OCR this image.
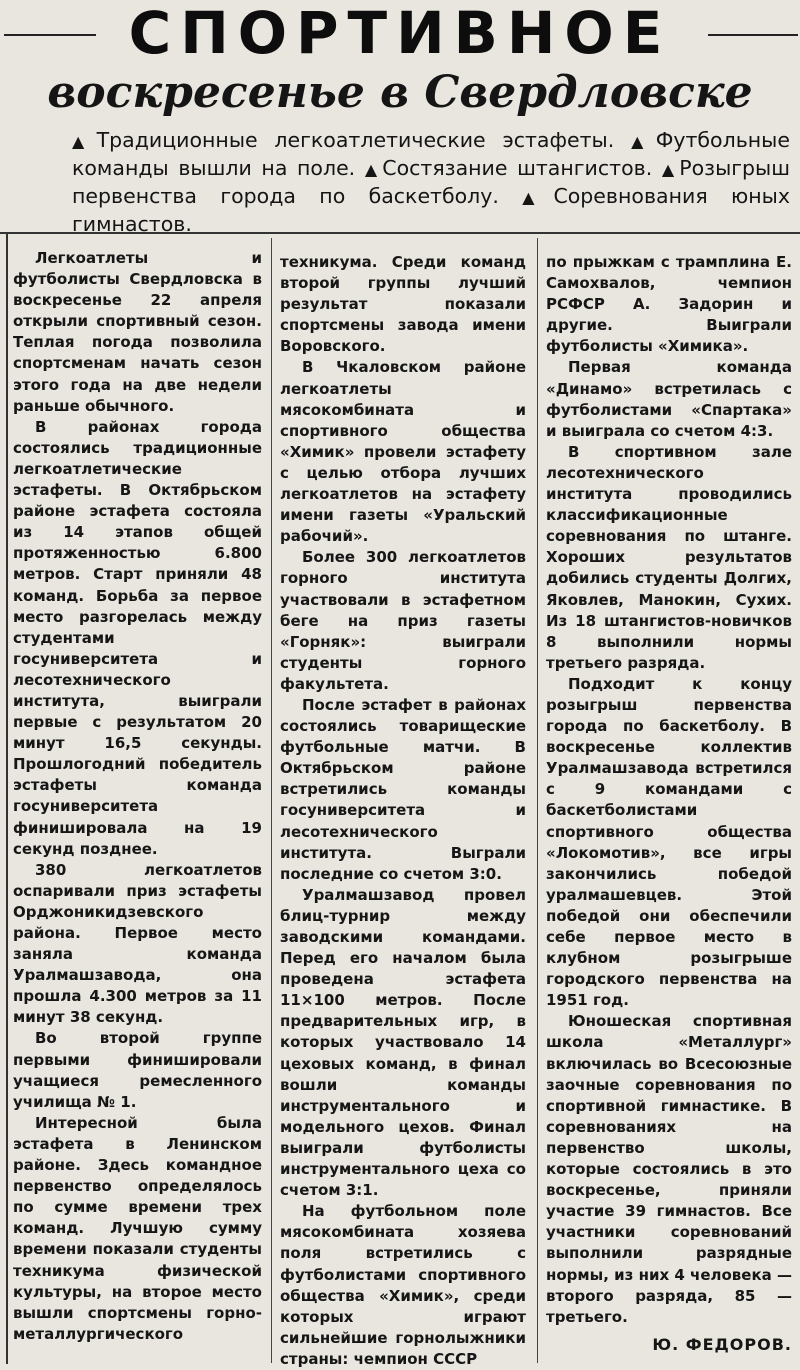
СПОРТИВНОЕ
воскресенье в Свердловске
▲Традиционные легкоатлетические эстафеты. ▲Футбольные команды вышли на поле. ▲Состязание штангистов. ▲Розыгрыш первенства города по баскетболу. ▲Соревнования юных гимнастов.

Легкоатлеты и футболисты Свердловска в воскресенье 22 апреля открыли спортивный сезон. Теплая погода позволила спортсменам начать сезон этого года на две недели раньше обычного.

В районах города состоялись традиционные легкоатлетические эстафеты. В Октябрьском районе эстафета состояла из 14 этапов общей протяженностью 6.800 метров. Старт приняли 48 команд. Борьба за первое место разгорелась между студентами госуниверситета и лесотехнического института, выиграли первые с результатом 20 минут 16,5 секунды. Прошлогодний победитель эстафеты команда госуниверситета финишировала на 19 секунд позднее.

380 легкоатлетов оспаривали приз эстафеты Орджоникидзевского района. Первое место заняла команда Уралмашзавода, она прошла 4.300 метров за 11 минут 38 секунд.

Во второй группе первыми финишировали учащиеся ремесленного училища № 1.

Интересной была эстафета в Ленинском районе. Здесь командное первенство определялось по сумме времени трех команд. Лучшую сумму времени показали студенты техникума физической культуры, на второе место вышли спортсмены горно-металлургического

техникума. Среди команд второй группы лучший результат показали спортсмены завода имени Воровского.

В Чкаловском районе легкоатлеты мясокомбината и спортивного общества «Химик» провели эстафету с целью отбора лучших легкоатлетов на эстафету имени газеты «Уральский рабочий».

Более 300 легкоатлетов горного института участвовали в эстафетном беге на приз газеты «Горняк»: выиграли студенты горного факультета.

После эстафет в районах состоялись товарищеские футбольные матчи. В Октябрьском районе встретились команды госуниверситета и лесотехнического института. Выграли последние со счетом 3:0.

Уралмашзавод провел блиц-турнир между заводскими командами. Перед его началом была проведена эстафета 11×100 метров. После предварительных игр, в которых участвовало 14 цеховых команд, в финал вошли команды инструментального и модельного цехов. Финал выиграли футболисты инструментального цеха со счетом 3:1.

На футбольном поле мясокомбината хозяева поля встретились с футболистами спортивного общества «Химик», среди которых играют сильнейшие горнолыжники страны: чемпион СССР

по прыжкам с трамплина Е. Самохвалов, чемпион РСФСР А. Задорин и другие. Выиграли футболисты «Химика».

Первая команда «Динамо» встретилась с футболистами «Спартака» и выиграла со счетом 4:3.

В спортивном зале лесотехнического института проводились классификационные соревнования по штанге. Хороших результатов добились студенты Долгих, Яковлев, Манокин, Сухих. Из 18 штангистов-новичков 8 выполнили нормы третьего разряда.

Подходит к концу розыгрыш первенства города по баскетболу. В воскресенье коллектив Уралмашзавода встретился с 9 командами с баскетболистами спортивного общества «Локомотив», все игры закончились победой уралмашевцев. Этой победой они обеспечили себе первое место в клубном розыгрыше городского первенства на 1951 год.

Юношеская спортивная школа «Металлург» включилась во Всесоюзные заочные соревнования по спортивной гимнастике. В соревнованиях на первенство школы, которые состоялись в это воскресенье, приняли участие 39 гимнастов. Все участники соревнований выполнили разрядные нормы, из них 4 человека — второго разряда, 85 — третьего.

Ю. ФЕДОРОВ.
